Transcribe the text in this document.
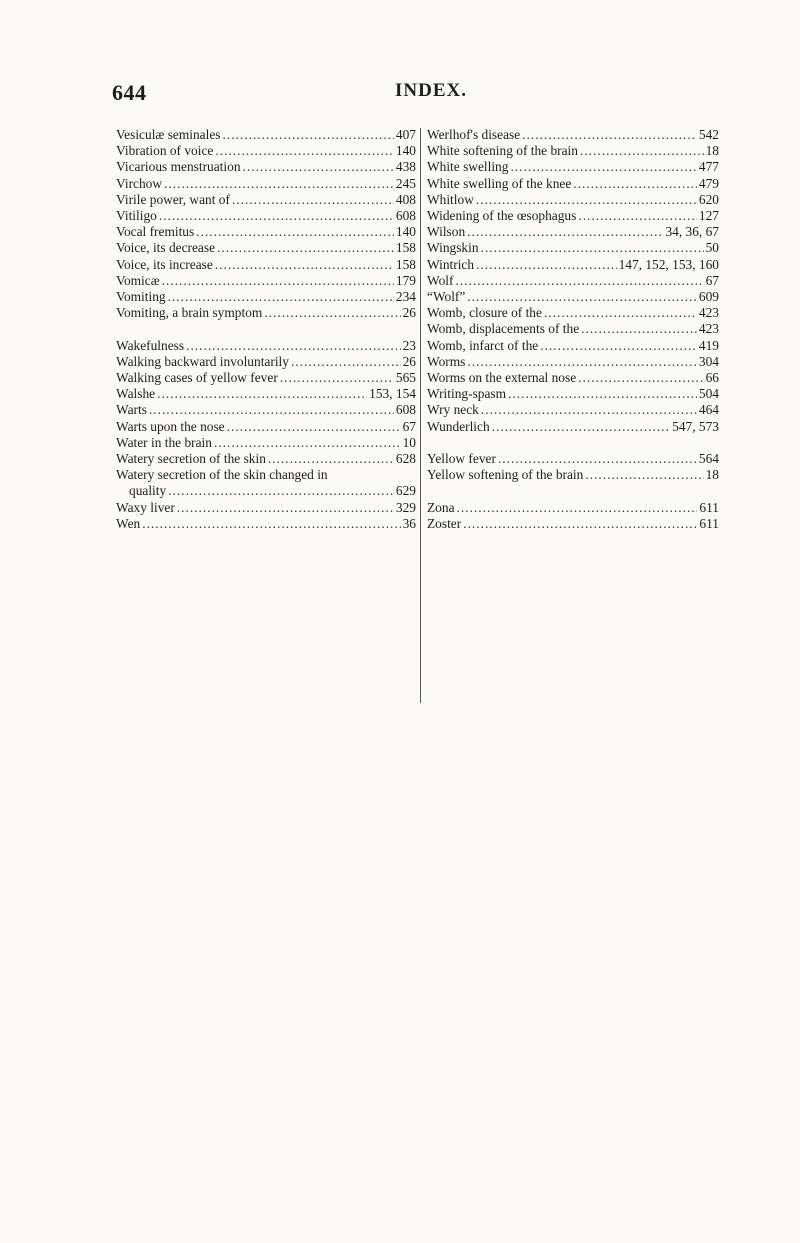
644	INDEX.
Vesiculæ seminales .....	407
Vibration of voice .....	140
Vicarious menstruation .....	438
Virchow .....	245
Virile power, want of .....	408
Vitiligo .....	608
Vocal fremitus .....	140
Voice, its decrease .....	158
Voice, its increase .....	158
Vomicæ .....	179
Vomiting .....	234
Vomiting, a brain symptom .....	26
Wakefulness .....	23
Walking backward involuntarily .....	26
Walking cases of yellow fever .....	565
Walshe .....	153, 154
Warts .....	608
Warts upon the nose .....	67
Water in the brain .....	10
Watery secretion of the skin .....	628
Watery secretion of the skin changed in
quality .....	629
Waxy liver .....	329
Wen .....	36
Werlhof's disease .....	542
White softening of the brain .....	18
White swelling .....	477
White swelling of the knee .....	479
Whitlow .....	620
Widening of the œsophagus .....	127
Wilson .....	34, 36, 67
Wingskin .....	50
Wintrich .....	147, 152, 153, 160
Wolf .....	67
“Wolf” .....	609
Womb, closure of the .....	423
Womb, displacements of the .....	423
Womb, infarct of the .....	419
Worms .....	304
Worms on the external nose .....	66
Writing-spasm .....	504
Wry neck .....	464
Wunderlich .....	547, 573
Yellow fever .....	564
Yellow softening of the brain .....	18
Zona .....	611
Zoster .....	611
